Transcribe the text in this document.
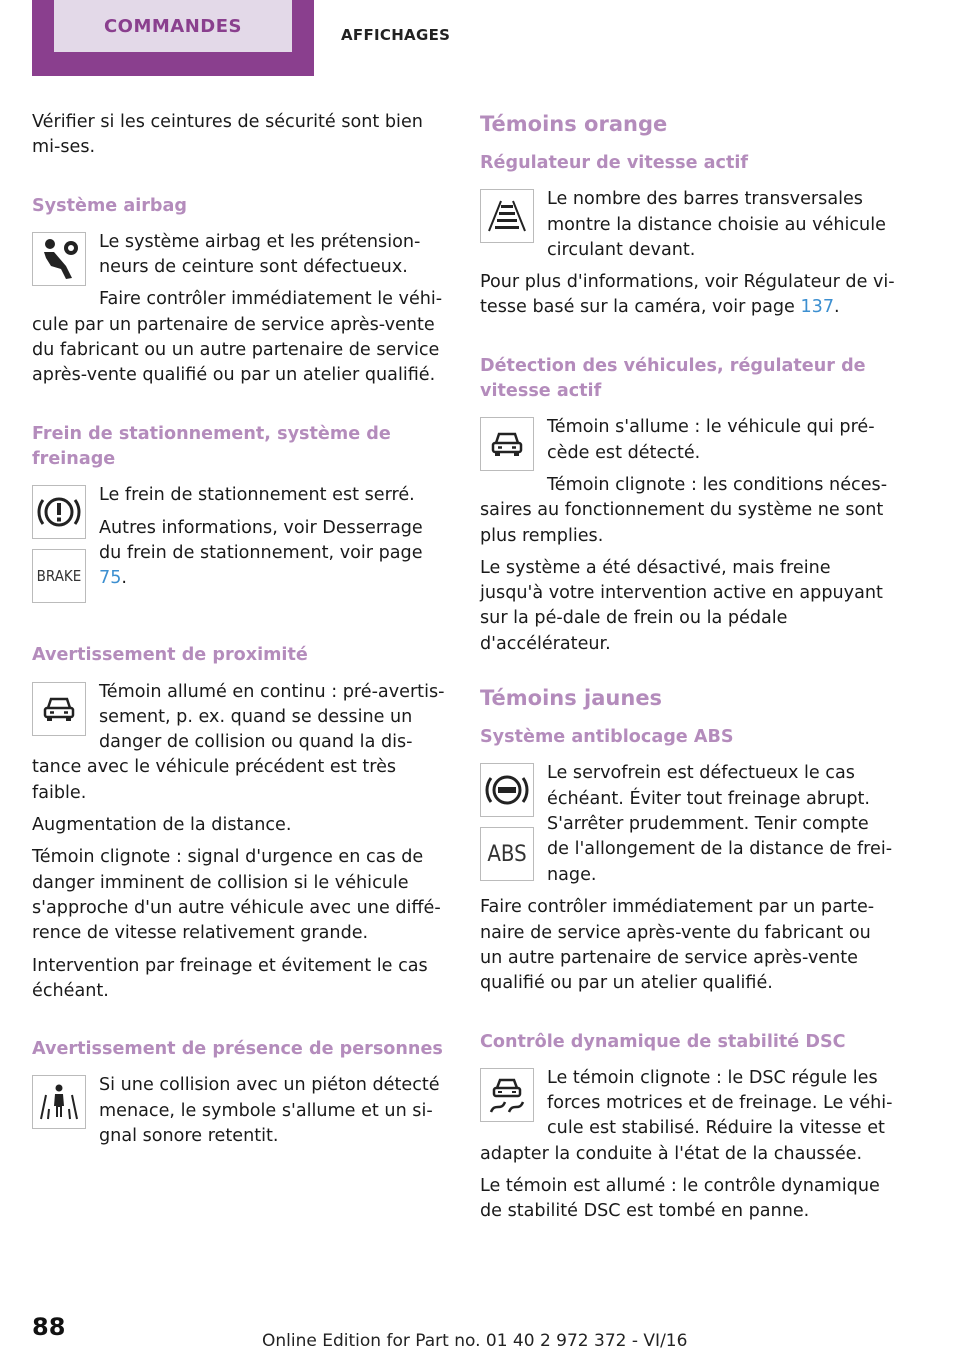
COMMANDES	AFFICHAGES

Vérifier si les ceintures de sécurité sont bien mi-ses.

Système airbag

Le système airbag et les prétension-neurs de ceinture sont défectueux.

Faire contrôler immédiatement le véhi-cule par un partenaire de service après-vente du fabricant ou un autre partenaire de service après-vente qualifié ou par un atelier qualifié.

Frein de stationnement, système de freinage
BRAKE

Le frein de stationnement est serré.

Autres informations, voir Desserrage du frein de stationnement, voir page 75.

Avertissement de proximité

Témoin allumé en continu : pré-avertis-sement, p. ex. quand se dessine un danger de collision ou quand la dis-tance avec le véhicule précédent est très faible.

Augmentation de la distance.

Témoin clignote : signal d'urgence en cas de danger imminent de collision si le véhicule s'approche d'un autre véhicule avec une diffé-rence de vitesse relativement grande.

Intervention par freinage et évitement le cas échéant.

Avertissement de présence de personnes

Si une collision avec un piéton détecté menace, le symbole s'allume et un si-gnal sonore retentit.

Témoins orange
Régulateur de vitesse actif

Le nombre des barres transversales montre la distance choisie au véhicule circulant devant.

Pour plus d'informations, voir Régulateur de vi-tesse basé sur la caméra, voir page 137.

Détection des véhicules, régulateur de vitesse actif

Témoin s'allume : le véhicule qui pré-cède est détecté.

Témoin clignote : les conditions néces-saires au fonctionnement du système ne sont plus remplies.

Le système a été désactivé, mais freine jusqu'à votre intervention active en appuyant sur la pé-dale de frein ou la pédale d'accélérateur.

Témoins jaunes
Système antiblocage ABS
ABS

Le servofrein est défectueux le cas échéant. Éviter tout freinage abrupt. S'arrêter prudemment. Tenir compte de l'allongement de la distance de frei-nage.

Faire contrôler immédiatement par un parte-naire de service après-vente du fabricant ou un autre partenaire de service après-vente qualifié ou par un atelier qualifié.

Contrôle dynamique de stabilité DSC

Le témoin clignote : le DSC régule les forces motrices et de freinage. Le véhi-cule est stabilisé. Réduire la vitesse et adapter la conduite à l'état de la chaussée.

Le témoin est allumé : le contrôle dynamique de stabilité DSC est tombé en panne.

88	Online Edition for Part no. 01 40 2 972 372 - VI/16
